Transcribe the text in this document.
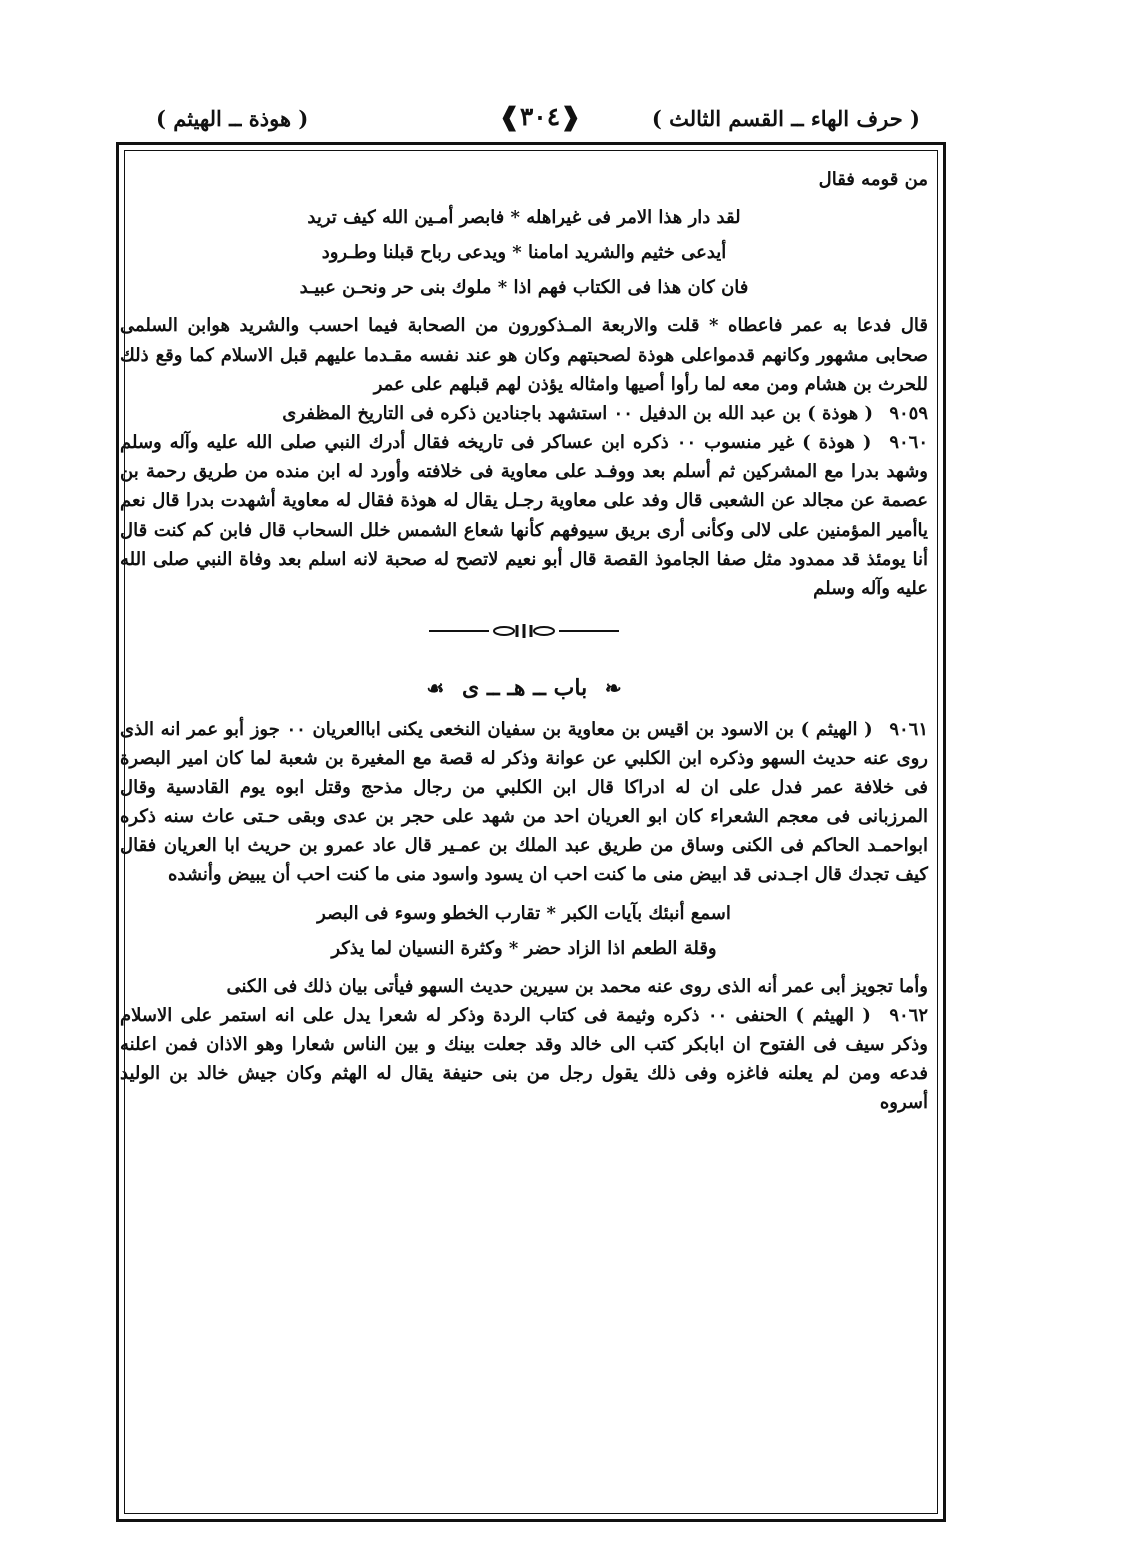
( حرف الهاء ــ القسم الثالث )
❰٣٠٤❱
( هوذة ــ الهيثم )

من قومه فقال

لقد دار هذا الامر فى غيراهله * فابصر أمـين الله كيف تريد
أيدعى خثيم والشريد امامنا * ويدعى رباح قبلنا وطـرود
فان كان هذا فى الكتاب فهم اذا * ملوك بنى حر ونحـن عبيـد

قال فدعا به عمر فاعطاه * قلت والاربعة المـذكورون من الصحابة فيما احسب والشريد هوابن السلمى صحابى مشهور وكانهم قدمواعلى هوذة لصحبتهم وكان هو عند نفسه مقـدما عليهم قبل الاسلام كما وقع ذلك للحرث بن هشام ومن معه لما رأوا أصيها وامثاله يؤذن لهم قبلهم على عمر

٩٠٥٩ ( هوذة ) بن عبد الله بن الدفيل ٠٠ استشهد باجنادين ذكره فى التاريخ المظفرى

٩٠٦٠ ( هوذة ) غير منسوب ٠٠ ذكره ابن عساكر فى تاريخه فقال أدرك النبي صلى الله عليه وآله وسلم وشهد بدرا مع المشركين ثم أسلم بعد ووفـد على معاوية فى خلافته وأورد له ابن منده من طريق رحمة بن عصمة عن مجالد عن الشعبى قال وفد على معاوية رجـل يقال له هوذة فقال له معاوية أشهدت بدرا قال نعم ياأمير المؤمنين على لالى وكأنى أرى بريق سيوفهم كأنها شعاع الشمس خلل السحاب قال فابن كم كنت قال أنا يومئذ قد ممدود مثل صفا الجاموذ القصة قال أبو نعيم لاتصح له صحبة لانه اسلم بعد وفاة النبي صلى الله عليه وآله وسلم

❧ باب ــ هـ ــ ى ☙

٩٠٦١ ( الهيثم ) بن الاسود بن اقيس بن معاوية بن سفيان النخعى يكنى اباالعريان ٠٠ جوز أبو عمر انه الذى روى عنه حديث السهو وذكره ابن الكلبي عن عوانة وذكر له قصة مع المغيرة بن شعبة لما كان امير البصرة فى خلافة عمر فدل على ان له ادراكا قال ابن الكلبي من رجال مذحج وقتل ابوه يوم القادسية وقال المرزبانى فى معجم الشعراء كان ابو العريان احد من شهد على حجر بن عدى وبقى حـتى عاث سنه ذكره ابواحمـد الحاكم فى الكنى وساق من طريق عبد الملك بن عمـير قال عاد عمرو بن حريث ابا العريان فقال كيف تجدك قال اجـدنى قد ابيض منى ما كنت احب ان يسود واسود منى ما كنت احب أن يبيض وأنشده

اسمع أنبئك بآيات الكبر * تقارب الخطو وسوء فى البصر
وقلة الطعم اذا الزاد حضر * وكثرة النسيان لما يذكر

وأما تجويز أبى عمر أنه الذى روى عنه محمد بن سيرين حديث السهو فيأتى بيان ذلك فى الكنى

٩٠٦٢ ( الهيثم ) الحنفى ٠٠ ذكره وثيمة فى كتاب الردة وذكر له شعرا يدل على انه استمر على الاسلام وذكر سيف فى الفتوح ان ابابكر كتب الى خالد وقد جعلت بينك و بين الناس شعارا وهو الاذان فمن اعلنه فدعه ومن لم يعلنه فاغزه وفى ذلك يقول رجل من بنى حنيفة يقال له الهثم وكان جيش خالد بن الوليد أسروه
